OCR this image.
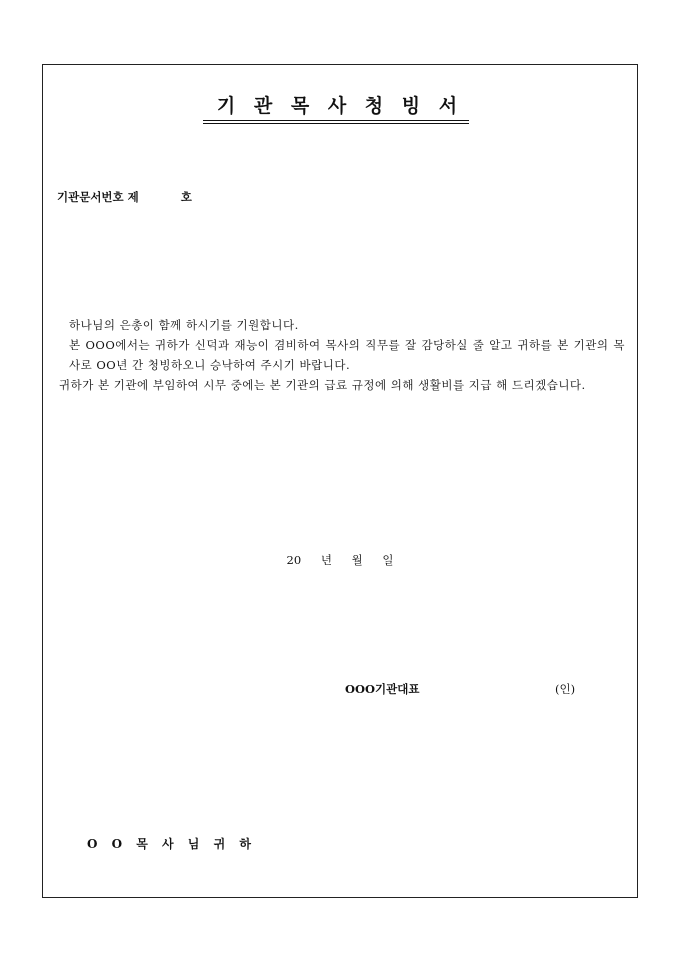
기 관 목 사 청 빙 서
기관문서번호 제	호

하나님의 은총이 함께 하시기를 기원합니다.

본 OOO에서는 귀하가 신덕과 재능이 겸비하여 목사의 직무를 잘 감당하실 줄 알고 귀하를 본 기관의 목사로 OO년 간 청빙하오니 승낙하여 주시기 바랍니다.

귀하가 본 기관에 부임하여 시무 중에는 본 기관의 급료 규정에 의해 생활비를 지급 해 드리겠습니다.

20 년 월 일
OOO기관대표	(인)
O O 목 사 님 귀 하
